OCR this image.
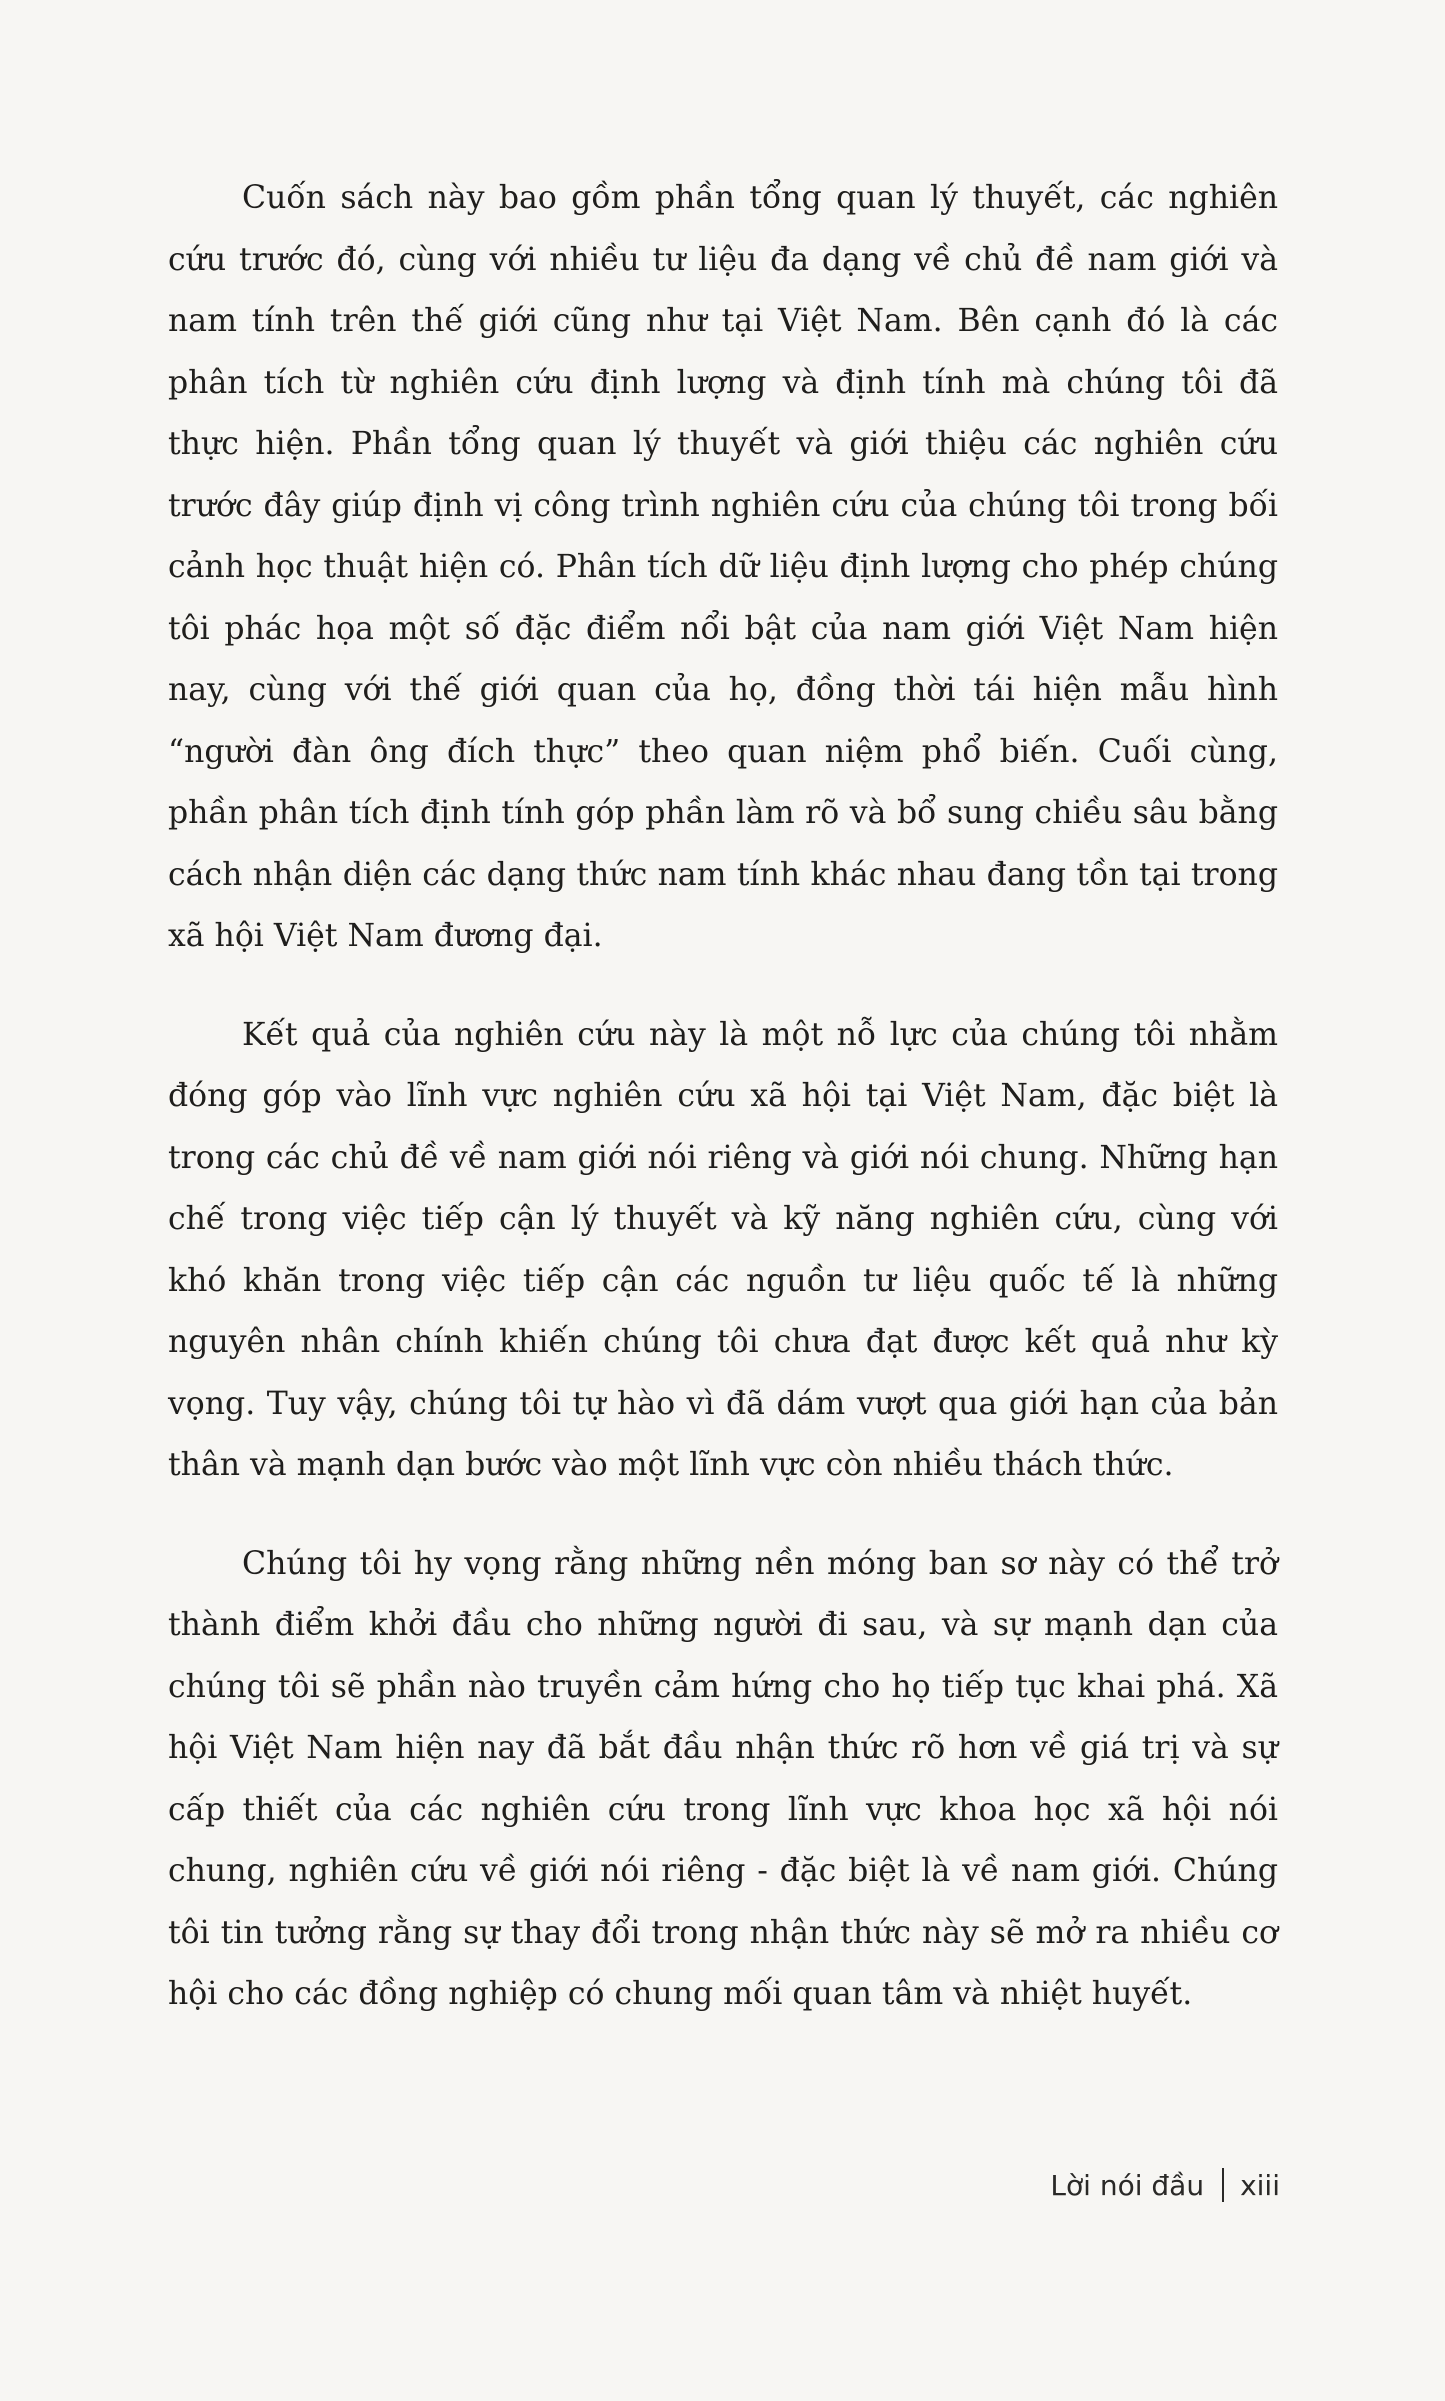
Cuốn sách này bao gồm phần tổng quan lý thuyết, các nghiên cứu trước đó, cùng với nhiều tư liệu đa dạng về chủ đề nam giới và nam tính trên thế giới cũng như tại Việt Nam. Bên cạnh đó là các phân tích từ nghiên cứu định lượng và định tính mà chúng tôi đã thực hiện. Phần tổng quan lý thuyết và giới thiệu các nghiên cứu trước đây giúp định vị công trình nghiên cứu của chúng tôi trong bối cảnh học thuật hiện có. Phân tích dữ liệu định lượng cho phép chúng tôi phác họa một số đặc điểm nổi bật của nam giới Việt Nam hiện nay, cùng với thế giới quan của họ, đồng thời tái hiện mẫu hình “người đàn ông đích thực” theo quan niệm phổ biến. Cuối cùng, phần phân tích định tính góp phần làm rõ và bổ sung chiều sâu bằng cách nhận diện các dạng thức nam tính khác nhau đang tồn tại trong xã hội Việt Nam đương đại.

Kết quả của nghiên cứu này là một nỗ lực của chúng tôi nhằm đóng góp vào lĩnh vực nghiên cứu xã hội tại Việt Nam, đặc biệt là trong các chủ đề về nam giới nói riêng và giới nói chung. Những hạn chế trong việc tiếp cận lý thuyết và kỹ năng nghiên cứu, cùng với khó khăn trong việc tiếp cận các nguồn tư liệu quốc tế là những nguyên nhân chính khiến chúng tôi chưa đạt được kết quả như kỳ vọng. Tuy vậy, chúng tôi tự hào vì đã dám vượt qua giới hạn của bản thân và mạnh dạn bước vào một lĩnh vực còn nhiều thách thức.

Chúng tôi hy vọng rằng những nền móng ban sơ này có thể trở thành điểm khởi đầu cho những người đi sau, và sự mạnh dạn của chúng tôi sẽ phần nào truyền cảm hứng cho họ tiếp tục khai phá. Xã hội Việt Nam hiện nay đã bắt đầu nhận thức rõ hơn về giá trị và sự cấp thiết của các nghiên cứu trong lĩnh vực khoa học xã hội nói chung, nghiên cứu về giới nói riêng - đặc biệt là về nam giới. Chúng tôi tin tưởng rằng sự thay đổi trong nhận thức này sẽ mở ra nhiều cơ hội cho các đồng nghiệp có chung mối quan tâm và nhiệt huyết.

Lời nói đầu xiii
